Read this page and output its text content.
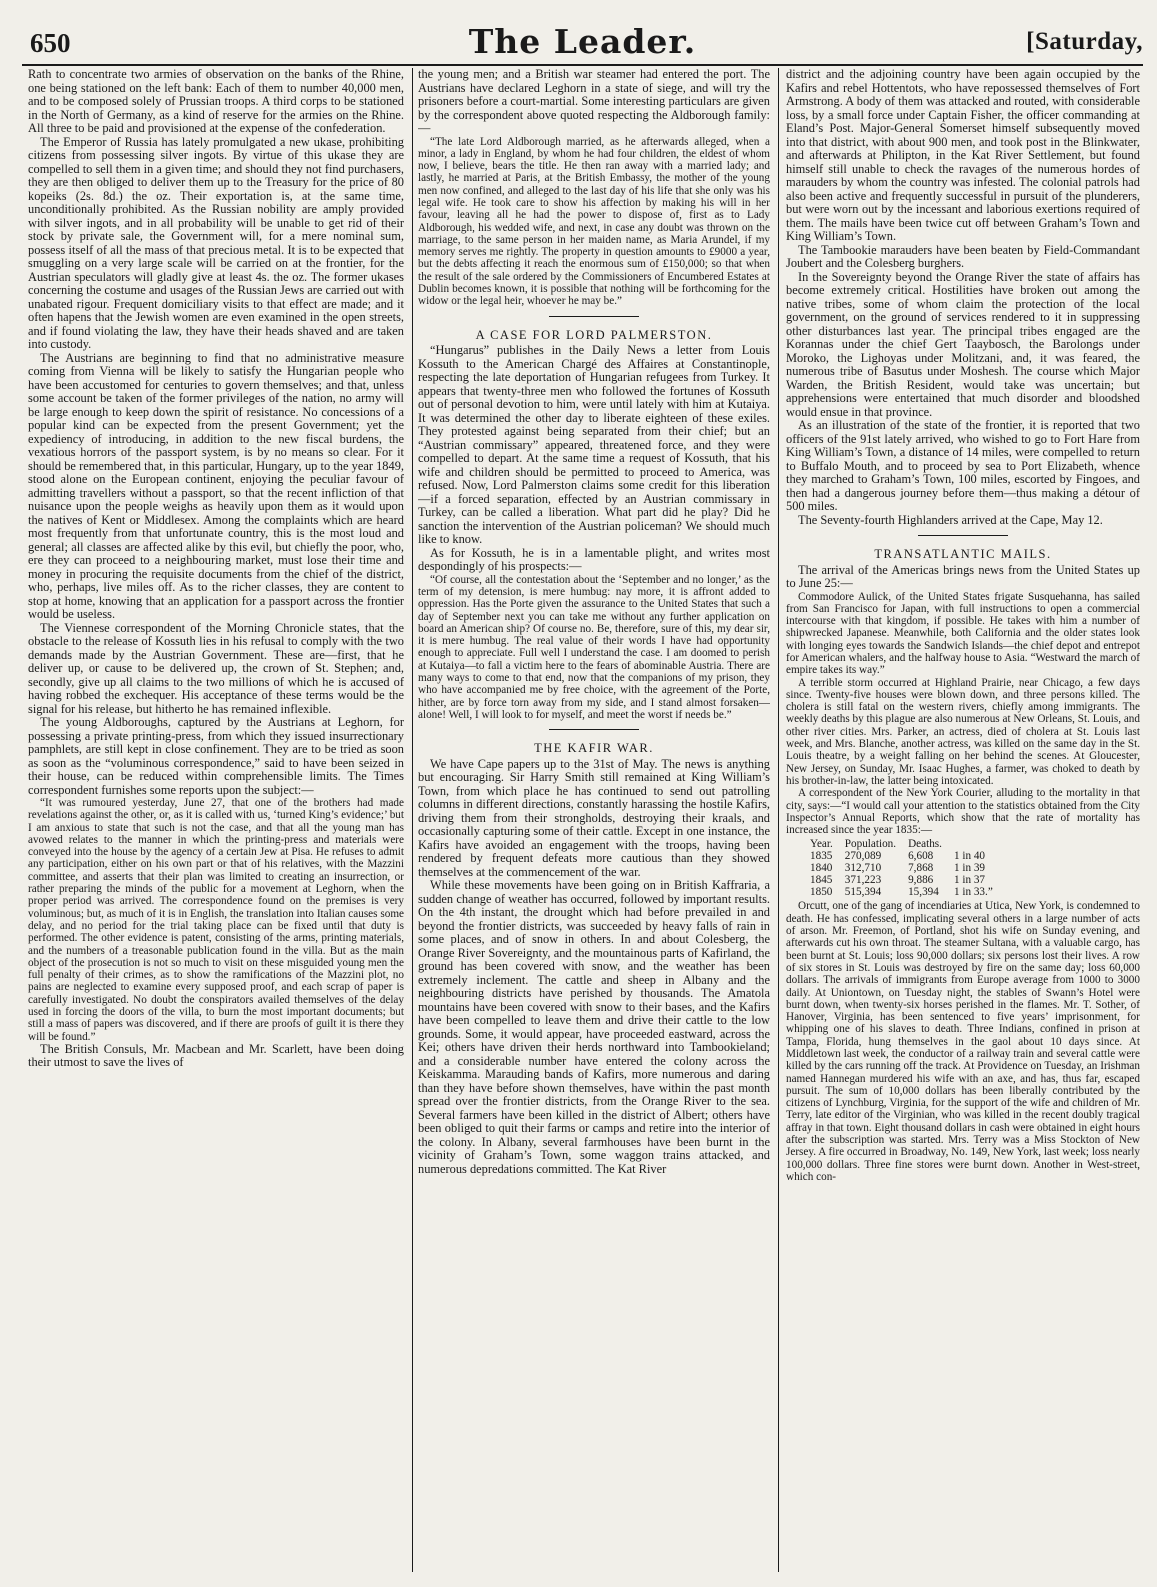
650	The Leader.	[Saturday,

Rath to concentrate two armies of observation on the banks of the Rhine, one being stationed on the left bank: Each of them to number 40,000 men, and to be composed solely of Prussian troops. A third corps to be stationed in the North of Germany, as a kind of reserve for the armies on the Rhine. All three to be paid and provisioned at the expense of the confederation.

The Emperor of Russia has lately promulgated a new ukase, prohibiting citizens from possessing silver ingots. By virtue of this ukase they are compelled to sell them in a given time; and should they not find purchasers, they are then obliged to deliver them up to the Treasury for the price of 80 kopeiks (2s. 8d.) the oz. Their exportation is, at the same time, unconditionally prohibited. As the Russian nobility are amply provided with silver ingots, and in all probability will be unable to get rid of their stock by private sale, the Government will, for a mere nominal sum, possess itself of all the mass of that precious metal. It is to be expected that smuggling on a very large scale will be carried on at the frontier, for the Austrian speculators will gladly give at least 4s. the oz. The former ukases concerning the costume and usages of the Russian Jews are carried out with unabated rigour. Frequent domiciliary visits to that effect are made; and it often hapens that the Jewish women are even examined in the open streets, and if found violating the law, they have their heads shaved and are taken into custody.

The Austrians are beginning to find that no administrative measure coming from Vienna will be likely to satisfy the Hungarian people who have been accustomed for centuries to govern themselves; and that, unless some account be taken of the former privileges of the nation, no army will be large enough to keep down the spirit of resistance. No concessions of a popular kind can be expected from the present Government; yet the expediency of introducing, in addition to the new fiscal burdens, the vexatious horrors of the passport system, is by no means so clear. For it should be remembered that, in this particular, Hungary, up to the year 1849, stood alone on the European continent, enjoying the peculiar favour of admitting travellers without a passport, so that the recent infliction of that nuisance upon the people weighs as heavily upon them as it would upon the natives of Kent or Middlesex. Among the complaints which are heard most frequently from that unfortunate country, this is the most loud and general; all classes are affected alike by this evil, but chiefly the poor, who, ere they can proceed to a neighbouring market, must lose their time and money in procuring the requisite documents from the chief of the district, who, perhaps, live miles off. As to the richer classes, they are content to stop at home, knowing that an application for a passport across the frontier would be useless.

The Viennese correspondent of the Morning Chronicle states, that the obstacle to the release of Kossuth lies in his refusal to comply with the two demands made by the Austrian Government. These are—first, that he deliver up, or cause to be delivered up, the crown of St. Stephen; and, secondly, give up all claims to the two millions of which he is accused of having robbed the exchequer. His acceptance of these terms would be the signal for his release, but hitherto he has remained inflexible.

The young Aldboroughs, captured by the Austrians at Leghorn, for possessing a private printing-press, from which they issued insurrectionary pamphlets, are still kept in close confinement. They are to be tried as soon as soon as the “voluminous correspondence,” said to have been seized in their house, can be reduced within comprehensible limits. The Times correspondent furnishes some reports upon the subject:—

“It was rumoured yesterday, June 27, that one of the brothers had made revelations against the other, or, as it is called with us, ‘turned King’s evidence;’ but I am anxious to state that such is not the case, and that all the young man has avowed relates to the manner in which the printing-press and materials were conveyed into the house by the agency of a certain Jew at Pisa. He refuses to admit any participation, either on his own part or that of his relatives, with the Mazzini committee, and asserts that their plan was limited to creating an insurrection, or rather preparing the minds of the public for a movement at Leghorn, when the proper period was arrived. The correspondence found on the premises is very voluminous; but, as much of it is in English, the translation into Italian causes some delay, and no period for the trial taking place can be fixed until that duty is performed. The other evidence is patent, consisting of the arms, printing materials, and the numbers of a treasonable publication found in the villa. But as the main object of the prosecution is not so much to visit on these misguided young men the full penalty of their crimes, as to show the ramifications of the Mazzini plot, no pains are neglected to examine every supposed proof, and each scrap of paper is carefully investigated. No doubt the conspirators availed themselves of the delay used in forcing the doors of the villa, to burn the most important documents; but still a mass of papers was discovered, and if there are proofs of guilt it is there they will be found.”

The British Consuls, Mr. Macbean and Mr. Scarlett, have been doing their utmost to save the lives of

the young men; and a British war steamer had entered the port. The Austrians have declared Leghorn in a state of siege, and will try the prisoners before a court-martial. Some interesting particulars are given by the correspondent above quoted respecting the Aldborough family:—

“The late Lord Aldborough married, as he afterwards alleged, when a minor, a lady in England, by whom he had four children, the eldest of whom now, I believe, bears the title. He then ran away with a married lady; and lastly, he married at Paris, at the British Embassy, the mother of the young men now confined, and alleged to the last day of his life that she only was his legal wife. He took care to show his affection by making his will in her favour, leaving all he had the power to dispose of, first as to Lady Aldborough, his wedded wife, and next, in case any doubt was thrown on the marriage, to the same person in her maiden name, as Maria Arundel, if my memory serves me rightly. The property in question amounts to £9000 a year, but the debts affecting it reach the enormous sum of £150,000; so that when the result of the sale ordered by the Commissioners of Encumbered Estates at Dublin becomes known, it is possible that nothing will be forthcoming for the widow or the legal heir, whoever he may be.”

A CASE FOR LORD PALMERSTON.

“Hungarus” publishes in the Daily News a letter from Louis Kossuth to the American Chargé des Affaires at Constantinople, respecting the late deportation of Hungarian refugees from Turkey. It appears that twenty-three men who followed the fortunes of Kossuth out of personal devotion to him, were until lately with him at Kutaiya. It was determined the other day to liberate eighteen of these exiles. They protested against being separated from their chief; but an “Austrian commissary” appeared, threatened force, and they were compelled to depart. At the same time a request of Kossuth, that his wife and children should be permitted to proceed to America, was refused. Now, Lord Palmerston claims some credit for this liberation—if a forced separation, effected by an Austrian commissary in Turkey, can be called a liberation. What part did he play? Did he sanction the intervention of the Austrian policeman? We should much like to know.

As for Kossuth, he is in a lamentable plight, and writes most despondingly of his prospects:—

“Of course, all the contestation about the ‘September and no longer,’ as the term of my detension, is mere humbug: nay more, it is affront added to oppression. Has the Porte given the assurance to the United States that such a day of September next you can take me without any further application on board an American ship? Of course no. Be, therefore, sure of this, my dear sir, it is mere humbug. The real value of their words I have had opportunity enough to appreciate. Full well I understand the case. I am doomed to perish at Kutaiya—to fall a victim here to the fears of abominable Austria. There are many ways to come to that end, now that the companions of my prison, they who have accompanied me by free choice, with the agreement of the Porte, hither, are by force torn away from my side, and I stand almost forsaken—alone! Well, I will look to for myself, and meet the worst if needs be.”

THE KAFIR WAR.

We have Cape papers up to the 31st of May. The news is anything but encouraging. Sir Harry Smith still remained at King William’s Town, from which place he has continued to send out patrolling columns in different directions, constantly harassing the hostile Kafirs, driving them from their strongholds, destroying their kraals, and occasionally capturing some of their cattle. Except in one instance, the Kafirs have avoided an engagement with the troops, having been rendered by frequent defeats more cautious than they showed themselves at the commencement of the war.

While these movements have been going on in British Kaffraria, a sudden change of weather has occurred, followed by important results. On the 4th instant, the drought which had before prevailed in and beyond the frontier districts, was succeeded by heavy falls of rain in some places, and of snow in others. In and about Colesberg, the Orange River Sovereignty, and the mountainous parts of Kafirland, the ground has been covered with snow, and the weather has been extremely inclement. The cattle and sheep in Albany and the neighbouring districts have perished by thousands. The Amatola mountains have been covered with snow to their bases, and the Kafirs have been compelled to leave them and drive their cattle to the low grounds. Some, it would appear, have proceeded eastward, across the Kei; others have driven their herds northward into Tambookieland; and a considerable number have entered the colony across the Keiskamma. Marauding bands of Kafirs, more numerous and daring than they have before shown themselves, have within the past month spread over the frontier districts, from the Orange River to the sea. Several farmers have been killed in the district of Albert; others have been obliged to quit their farms or camps and retire into the interior of the colony. In Albany, several farmhouses have been burnt in the vicinity of Graham’s Town, some waggon trains attacked, and numerous depredations committed. The Kat River

district and the adjoining country have been again occupied by the Kafirs and rebel Hottentots, who have repossessed themselves of Fort Armstrong. A body of them was attacked and routed, with considerable loss, by a small force under Captain Fisher, the officer commanding at Eland’s Post. Major-General Somerset himself subsequently moved into that district, with about 900 men, and took post in the Blinkwater, and afterwards at Philipton, in the Kat River Settlement, but found himself still unable to check the ravages of the numerous hordes of marauders by whom the country was infested. The colonial patrols had also been active and frequently successful in pursuit of the plunderers, but were worn out by the incessant and laborious exertions required of them. The mails have been twice cut off between Graham’s Town and King William’s Town.

The Tambookie marauders have been beaten by Field-Commandant Joubert and the Colesberg burghers.

In the Sovereignty beyond the Orange River the state of affairs has become extremely critical. Hostilities have broken out among the native tribes, some of whom claim the protection of the local government, on the ground of services rendered to it in suppressing other disturbances last year. The principal tribes engaged are the Korannas under the chief Gert Taaybosch, the Barolongs under Moroko, the Lighoyas under Molitzani, and, it was feared, the numerous tribe of Basutus under Moshesh. The course which Major Warden, the British Resident, would take was uncertain; but apprehensions were entertained that much disorder and bloodshed would ensue in that province.

As an illustration of the state of the frontier, it is reported that two officers of the 91st lately arrived, who wished to go to Fort Hare from King William’s Town, a distance of 14 miles, were compelled to return to Buffalo Mouth, and to proceed by sea to Port Elizabeth, whence they marched to Graham’s Town, 100 miles, escorted by Fingoes, and then had a dangerous journey before them—thus making a détour of 500 miles.

The Seventy-fourth Highlanders arrived at the Cape, May 12.

TRANSATLANTIC MAILS.

The arrival of the Americas brings news from the United States up to June 25:—

Commodore Aulick, of the United States frigate Susquehanna, has sailed from San Francisco for Japan, with full instructions to open a commercial intercourse with that kingdom, if possible. He takes with him a number of shipwrecked Japanese. Meanwhile, both California and the older states look with longing eyes towards the Sandwich Islands—the chief depot and entrepot for American whalers, and the halfway house to Asia. “Westward the march of empire takes its way.”

A terrible storm occurred at Highland Prairie, near Chicago, a few days since. Twenty-five houses were blown down, and three persons killed. The cholera is still fatal on the western rivers, chiefly among immigrants. The weekly deaths by this plague are also numerous at New Orleans, St. Louis, and other river cities. Mrs. Parker, an actress, died of cholera at St. Louis last week, and Mrs. Blanche, another actress, was killed on the same day in the St. Louis theatre, by a weight falling on her behind the scenes. At Gloucester, New Jersey, on Sunday, Mr. Isaac Hughes, a farmer, was choked to death by his brother-in-law, the latter being intoxicated.

A correspondent of the New York Courier, alluding to the mortality in that city, says:—“I would call your attention to the statistics obtained from the City Inspector’s Annual Reports, which show that the rate of mortality has increased since the year 1835:—

Year.	Population.	Deaths.	
1835	270,089	6,608	1 in 40
1840	312,710	7,868	1 in 39
1845	371,223	9,886	1 in 37
1850	515,394	15,394	1 in 33.”

Orcutt, one of the gang of incendiaries at Utica, New York, is condemned to death. He has confessed, implicating several others in a large number of acts of arson. Mr. Freemon, of Portland, shot his wife on Sunday evening, and afterwards cut his own throat. The steamer Sultana, with a valuable cargo, has been burnt at St. Louis; loss 90,000 dollars; six persons lost their lives. A row of six stores in St. Louis was destroyed by fire on the same day; loss 60,000 dollars. The arrivals of immigrants from Europe average from 1000 to 3000 daily. At Uniontown, on Tuesday night, the stables of Swann’s Hotel were burnt down, when twenty-six horses perished in the flames. Mr. T. Sother, of Hanover, Virginia, has been sentenced to five years’ imprisonment, for whipping one of his slaves to death. Three Indians, confined in prison at Tampa, Florida, hung themselves in the gaol about 10 days since. At Middletown last week, the conductor of a railway train and several cattle were killed by the cars running off the track. At Providence on Tuesday, an Irishman named Hannegan murdered his wife with an axe, and has, thus far, escaped pursuit. The sum of 10,000 dollars has been liberally contributed by the citizens of Lynchburg, Virginia, for the support of the wife and children of Mr. Terry, late editor of the Virginian, who was killed in the recent doubly tragical affray in that town. Eight thousand dollars in cash were obtained in eight hours after the subscription was started. Mrs. Terry was a Miss Stockton of New Jersey. A fire occurred in Broadway, No. 149, New York, last week; loss nearly 100,000 dollars. Three fine stores were burnt down. Another in West-street, which con-
